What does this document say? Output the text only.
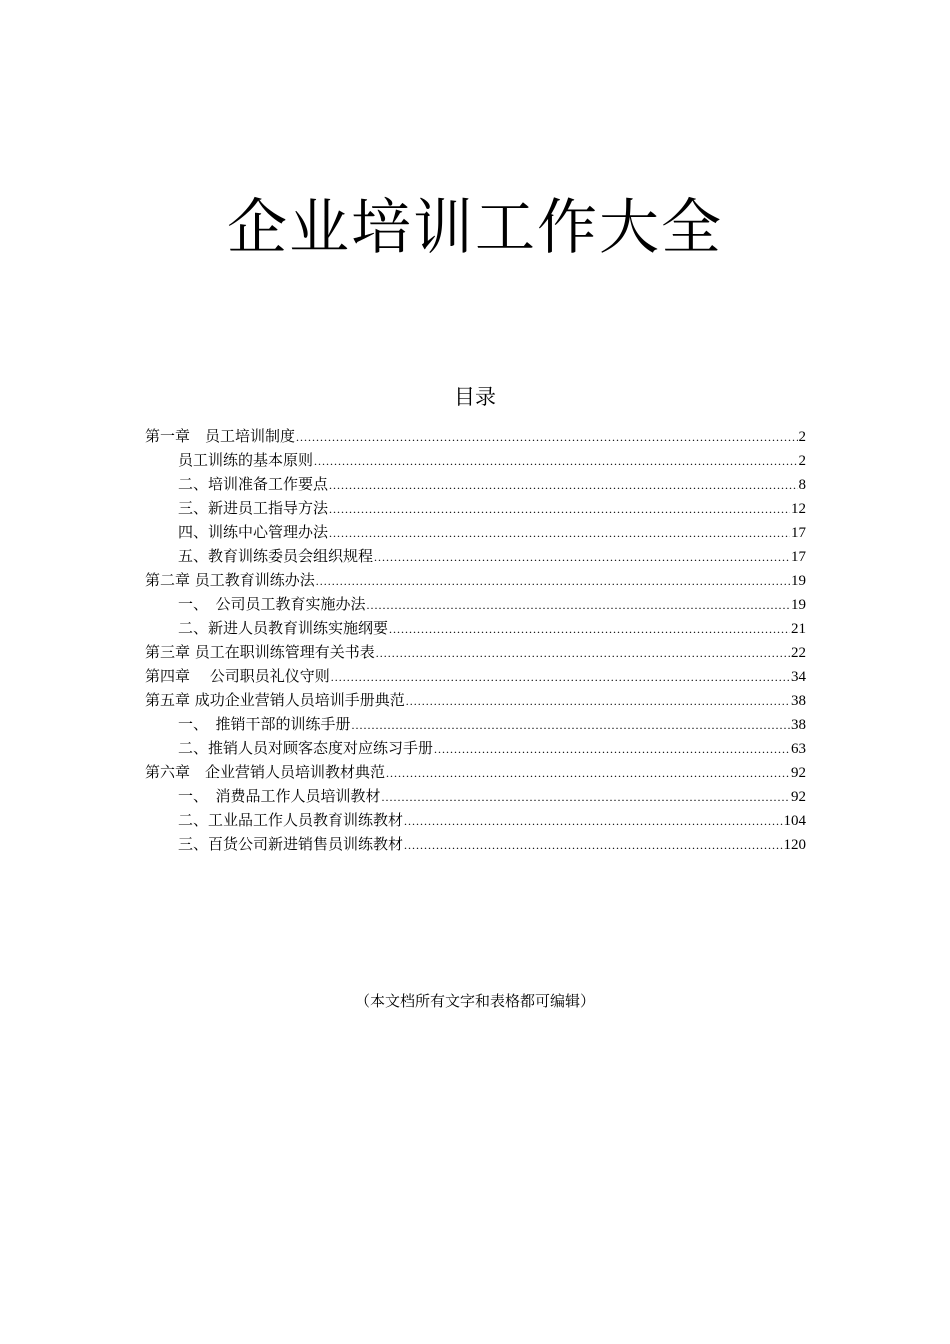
企业培训工作大全
目录
第一章　员工培训制度 .....	2
员工训练的基本原则 .....	2
二、培训准备工作要点 .....	8
三、新进员工指导方法 .....	12
四、训练中心管理办法 .....	17
五、教育训练委员会组织规程 .....	17
第二章 员工教育训练办法 .....	19
一、　公司员工教育实施办法 .....	19
二、新进人员教育训练实施纲要 .....	21
第三章 员工在职训练管理有关书表 .....	22
第四章　 公司职员礼仪守则 .....	34
第五章 成功企业营销人员培训手册典范 .....	38
一、　推销干部的训练手册 .....	38
二、推销人员对顾客态度对应练习手册 .....	63
第六章　企业营销人员培训教材典范 .....	92
一、　消费品工作人员培训教材 .....	92
二、工业品工作人员教育训练教材 .....	104
三、百货公司新进销售员训练教材 .....	120

（本文档所有文字和表格都可编辑）
